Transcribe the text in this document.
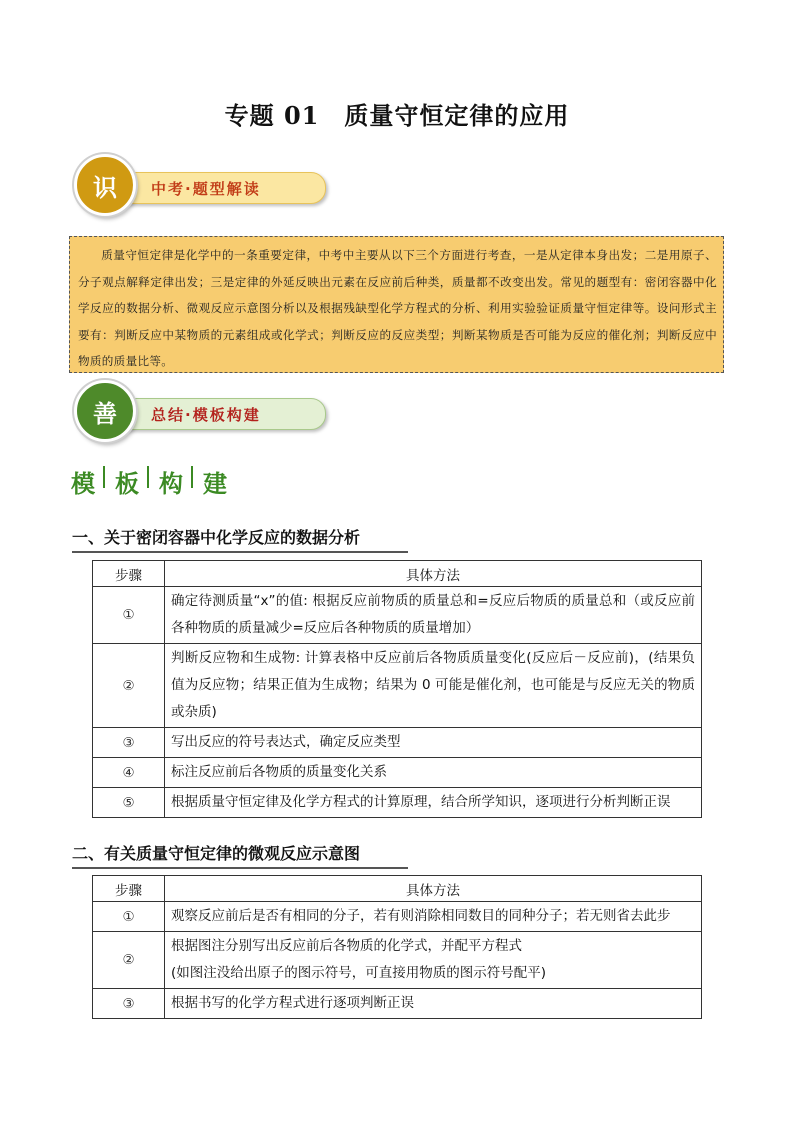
专题 01　质量守恒定律的应用
中考·题型解读
识

质量守恒定律是化学中的一条重要定律，中考中主要从以下三个方面进行考查，一是从定律本身出发；二是用原子、分子观点解释定律出发；三是定律的外延反映出元素在反应前后种类，质量都不改变出发。常见的题型有：密闭容器中化学反应的数据分析、微观反应示意图分析以及根据残缺型化学方程式的分析、利用实验验证质量守恒定律等。设问形式主要有：判断反应中某物质的元素组成或化学式；判断反应的反应类型；判断某物质是否可能为反应的催化剂；判断反应中物质的质量比等。

总结·模板构建
善
模 板 构 建
一、关于密闭容器中化学反应的数据分析
步骤	具体方法
①	确定待测质量“x”的值: 根据反应前物质的质量总和=反应后物质的质量总和（或反应前各种物质的质量减少=反应后各种物质的质量增加）
②	判断反应物和生成物: 计算表格中反应前后各物质质量变化(反应后－反应前)，(结果负值为反应物；结果正值为生成物；结果为 0 可能是催化剂，也可能是与反应无关的物质或杂质)
③	写出反应的符号表达式，确定反应类型
④	标注反应前后各物质的质量变化关系
⑤	根据质量守恒定律及化学方程式的计算原理，结合所学知识，逐项进行分析判断正误
二、有关质量守恒定律的微观反应示意图
步骤	具体方法
①	观察反应前后是否有相同的分子，若有则消除相同数目的同种分子；若无则省去此步
②	根据图注分别写出反应前后各物质的化学式，并配平方程式
(如图注没给出原子的图示符号，可直接用物质的图示符号配平)

③	根据书写的化学方程式进行逐项判断正误
